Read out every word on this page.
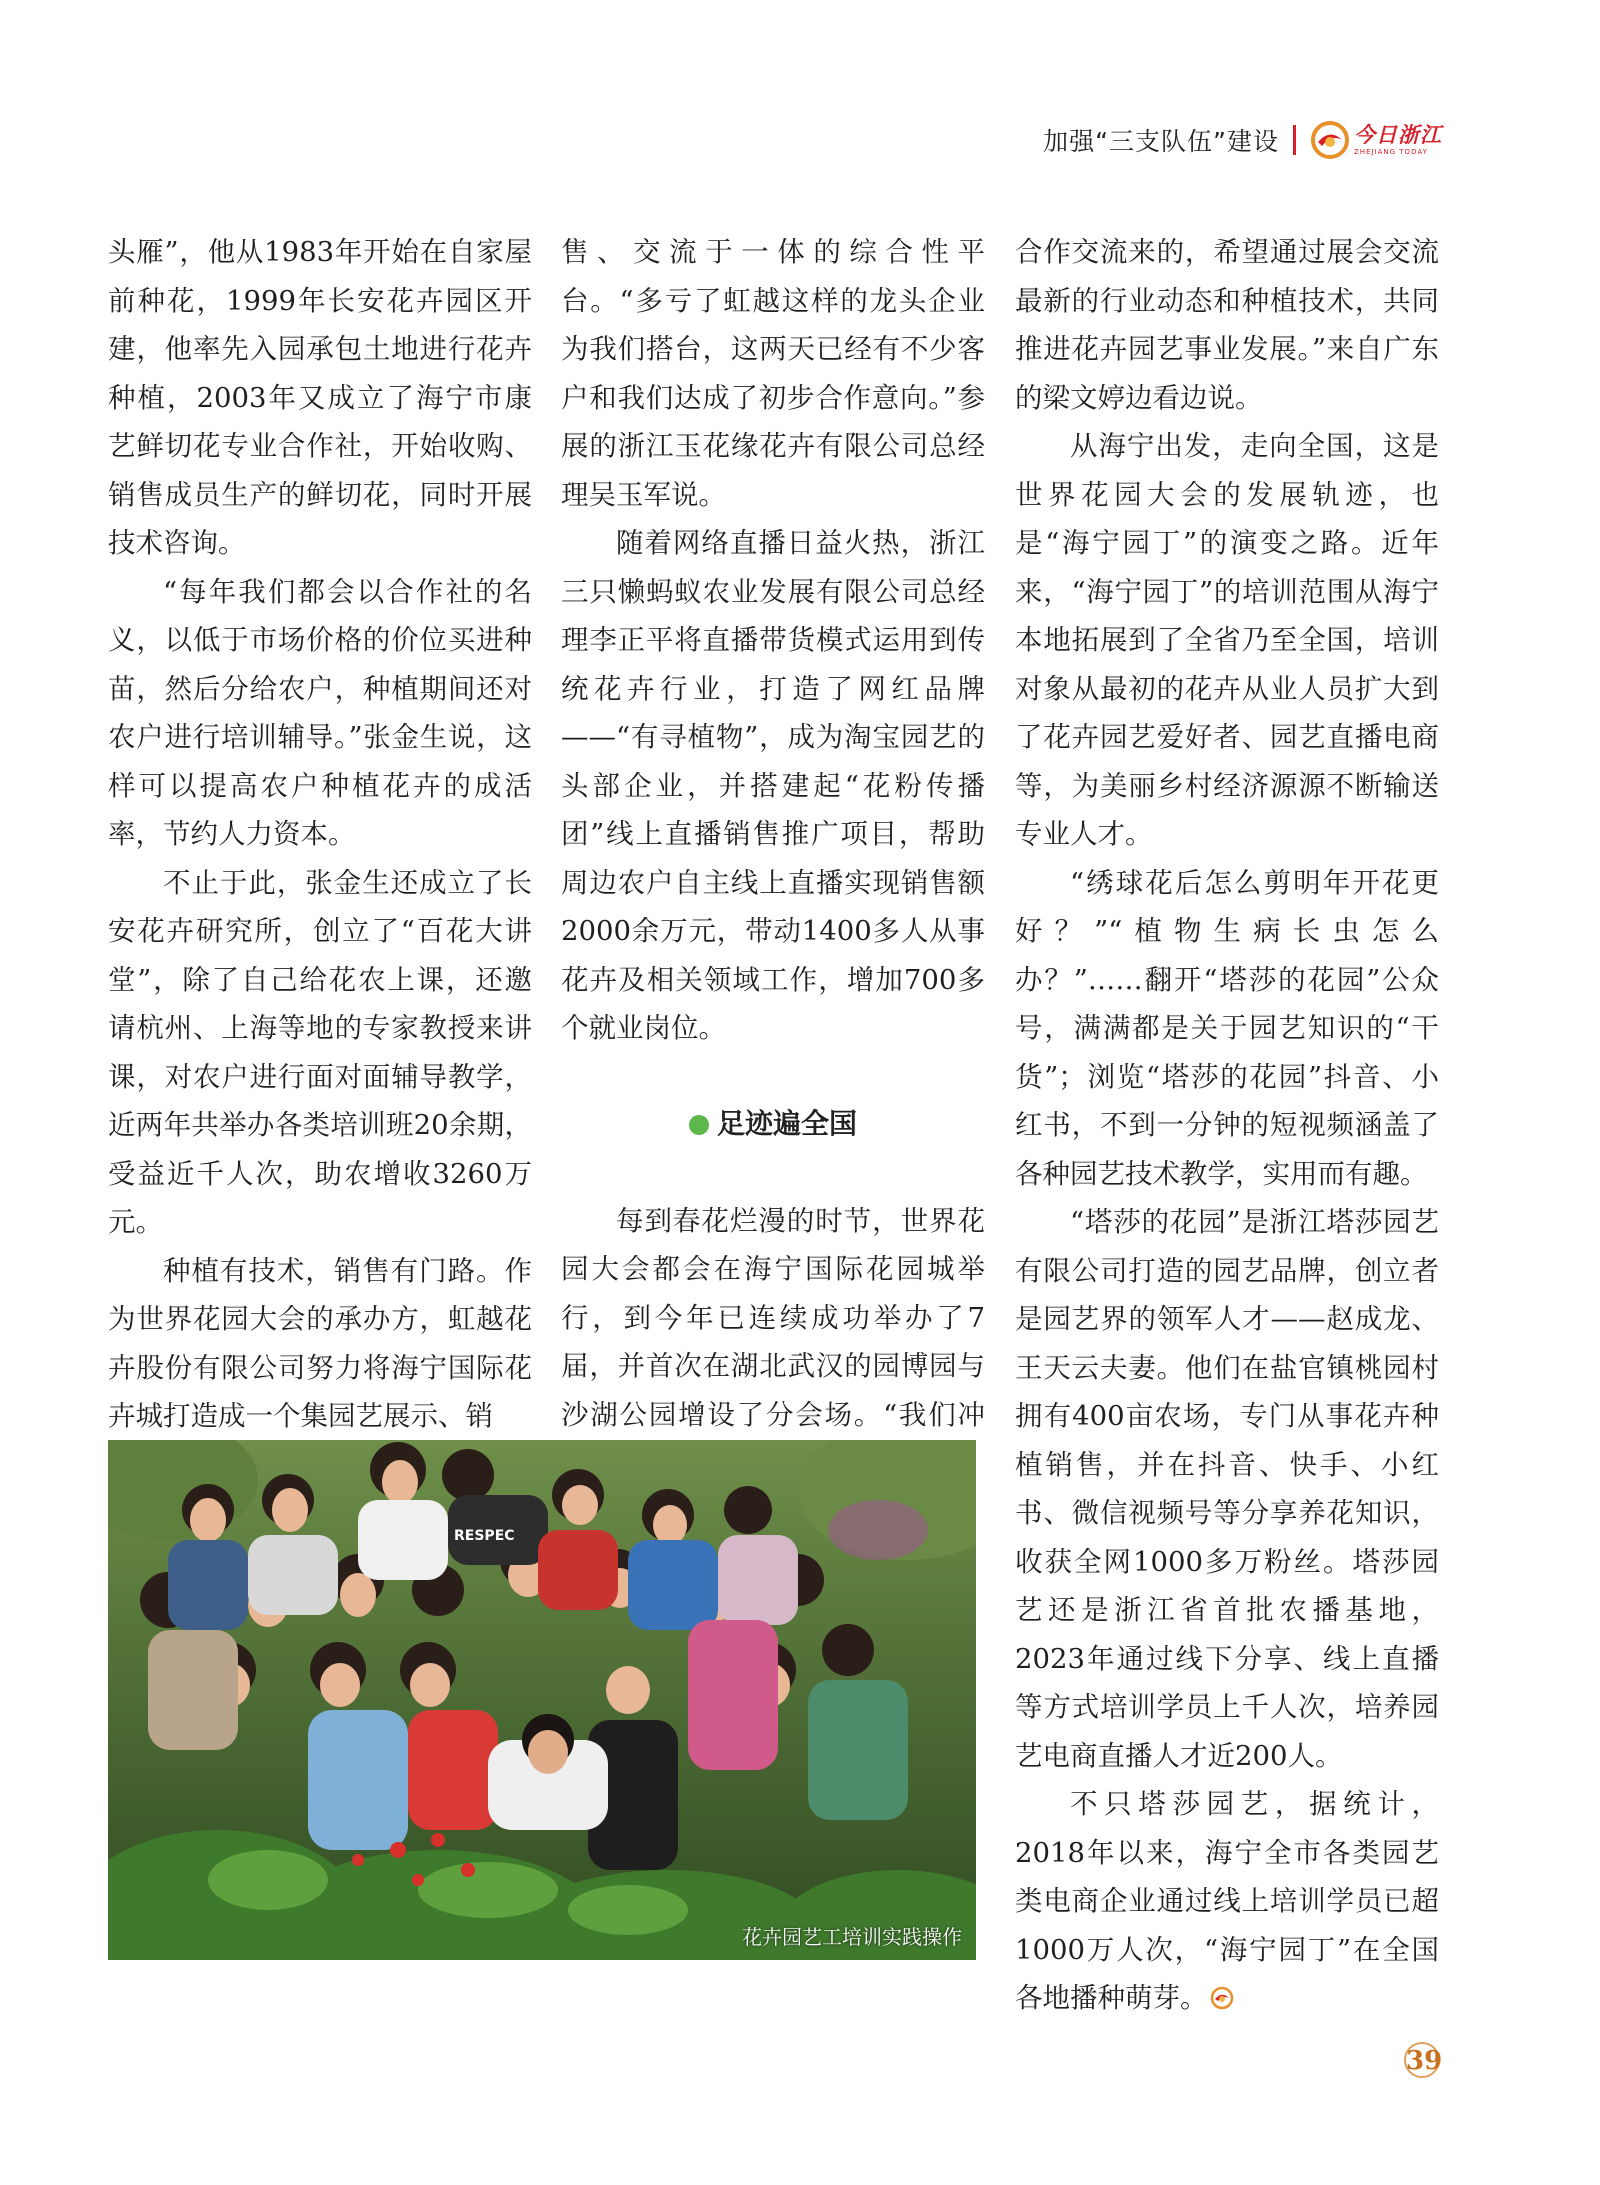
加强“三支队伍”建设	今日浙江
ZHEJIANG TODAY

头雁”，他从1983年开始在自家屋前种花，1999年长安花卉园区开建，他率先入园承包土地进行花卉种植，2003年又成立了海宁市康艺鲜切花专业合作社，开始收购、销售成员生产的鲜切花，同时开展技术咨询。

“每年我们都会以合作社的名义，以低于市场价格的价位买进种苗，然后分给农户，种植期间还对农户进行培训辅导。”张金生说，这样可以提高农户种植花卉的成活率，节约人力资本。

不止于此，张金生还成立了长安花卉研究所，创立了“百花大讲堂”，除了自己给花农上课，还邀请杭州、上海等地的专家教授来讲课，对农户进行面对面辅导教学，近两年共举办各类培训班20余期，受益近千人次，助农增收3260万元。

种植有技术，销售有门路。作为世界花园大会的承办方，虹越花卉股份有限公司努力将海宁国际花卉城打造成一个集园艺展示、销

售、交流于一体的综合性平台。“多亏了虹越这样的龙头企业为我们搭台，这两天已经有不少客户和我们达成了初步合作意向。”参展的浙江玉花缘花卉有限公司总经理吴玉军说。

随着网络直播日益火热，浙江三只懒蚂蚁农业发展有限公司总经理李正平将直播带货模式运用到传统花卉行业，打造了网红品牌——“有寻植物”，成为淘宝园艺的头部企业，并搭建起“花粉传播团”线上直播销售推广项目，帮助周边农户自主线上直播实现销售额2000余万元，带动1400多人从事花卉及相关领域工作，增加700多个就业岗位。

足迹遍全国

每到春花烂漫的时节，世界花园大会都会在海宁国际花园城举行，到今年已连续成功举办了7届，并首次在湖北武汉的园博园与沙湖公园增设了分会场。“我们冲

合作交流来的，希望通过展会交流最新的行业动态和种植技术，共同推进花卉园艺事业发展。”来自广东的梁文婷边看边说。

从海宁出发，走向全国，这是世界花园大会的发展轨迹，也是“海宁园丁”的演变之路。近年来，“海宁园丁”的培训范围从海宁本地拓展到了全省乃至全国，培训对象从最初的花卉从业人员扩大到了花卉园艺爱好者、园艺直播电商等，为美丽乡村经济源源不断输送专业人才。

“绣球花后怎么剪明年开花更好？”“植物生病长虫怎么办？”……翻开“塔莎的花园”公众号，满满都是关于园艺知识的“干货”；浏览“塔莎的花园”抖音、小红书，不到一分钟的短视频涵盖了各种园艺技术教学，实用而有趣。

“塔莎的花园”是浙江塔莎园艺有限公司打造的园艺品牌，创立者是园艺界的领军人才——赵成龙、王天云夫妻。他们在盐官镇桃园村拥有400亩农场，专门从事花卉种植销售，并在抖音、快手、小红书、微信视频号等分享养花知识，收获全网1000多万粉丝。塔莎园艺还是浙江省首批农播基地，2023年通过线下分享、线上直播等方式培训学员上千人次，培养园艺电商直播人才近200人。

不只塔莎园艺，据统计，2018年以来，海宁全市各类园艺类电商企业通过线上培训学员已超1000万人次，“海宁园丁”在全国各地播种萌芽。

RESPEC
花卉园艺工培训实践操作
39
